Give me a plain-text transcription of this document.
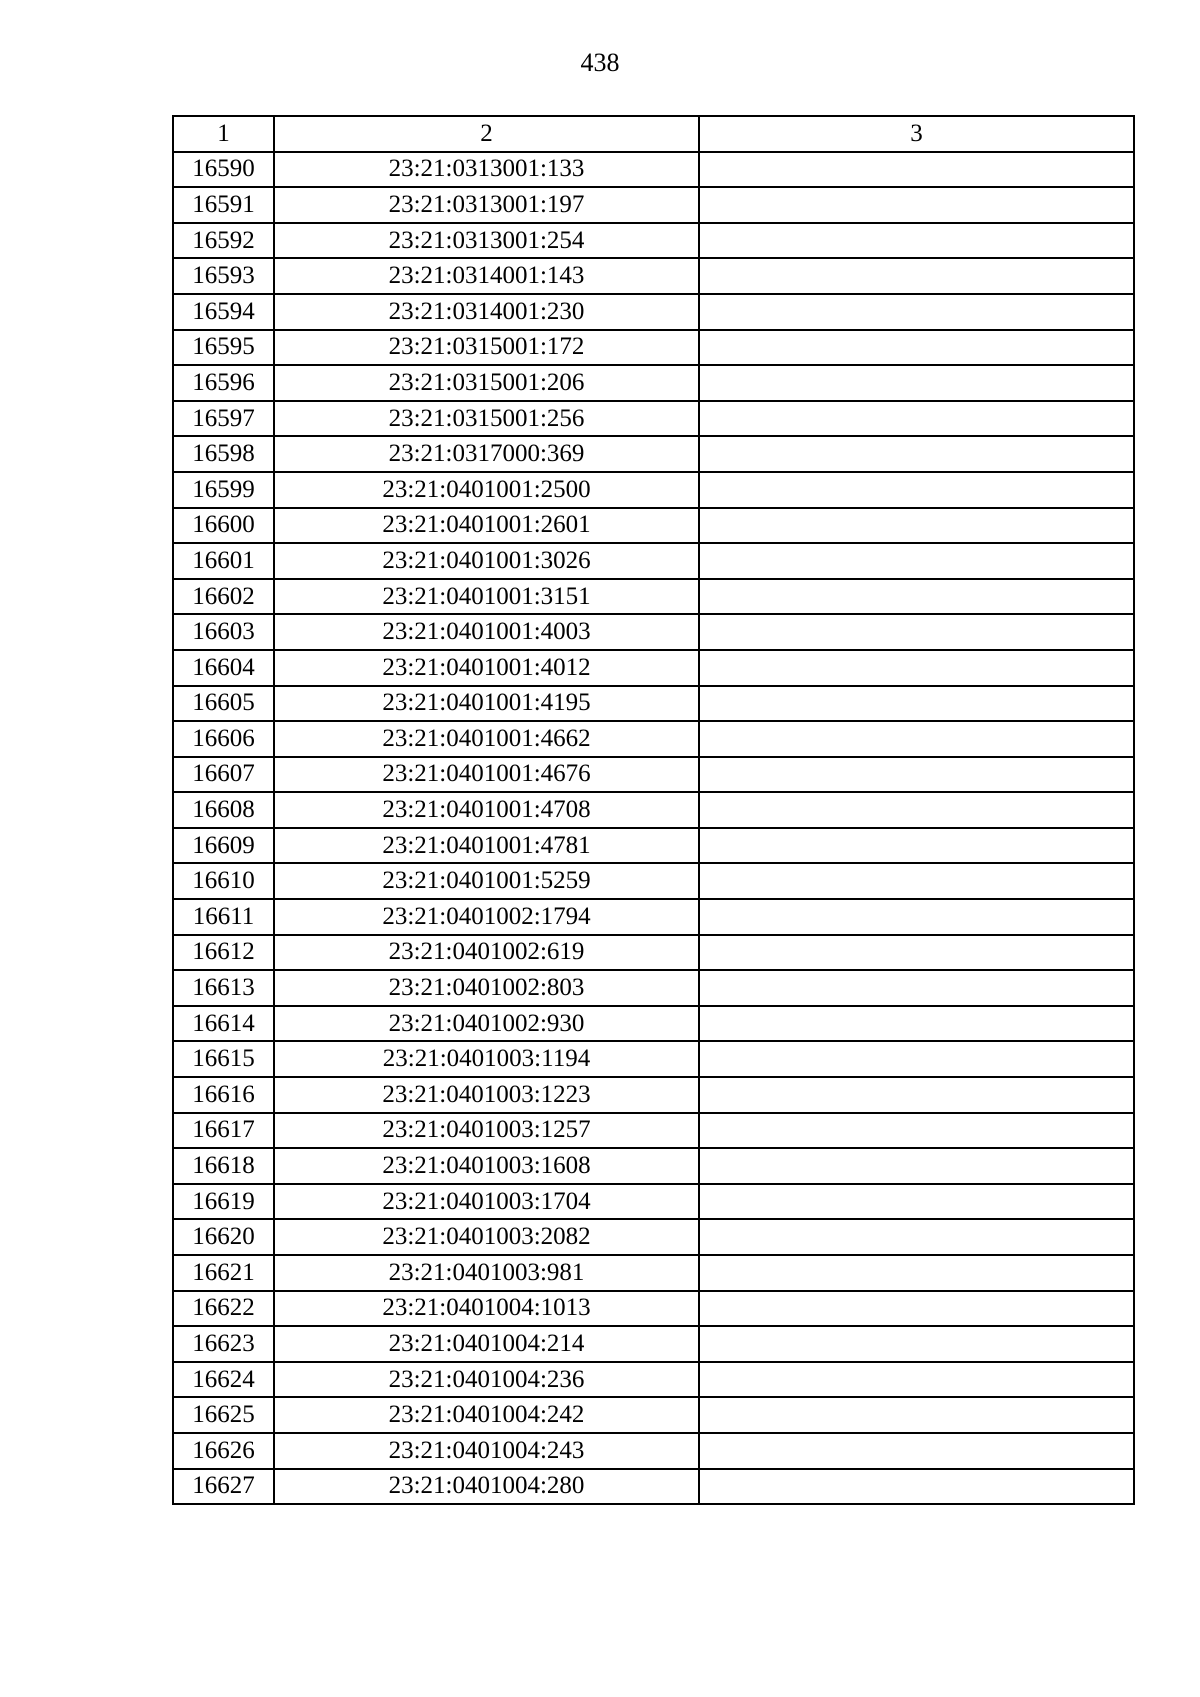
438
1	2	3
16590	23:21:0313001:133	
16591	23:21:0313001:197	
16592	23:21:0313001:254	
16593	23:21:0314001:143	
16594	23:21:0314001:230	
16595	23:21:0315001:172	
16596	23:21:0315001:206	
16597	23:21:0315001:256	
16598	23:21:0317000:369	
16599	23:21:0401001:2500	
16600	23:21:0401001:2601	
16601	23:21:0401001:3026	
16602	23:21:0401001:3151	
16603	23:21:0401001:4003	
16604	23:21:0401001:4012	
16605	23:21:0401001:4195	
16606	23:21:0401001:4662	
16607	23:21:0401001:4676	
16608	23:21:0401001:4708	
16609	23:21:0401001:4781	
16610	23:21:0401001:5259	
16611	23:21:0401002:1794	
16612	23:21:0401002:619	
16613	23:21:0401002:803	
16614	23:21:0401002:930	
16615	23:21:0401003:1194	
16616	23:21:0401003:1223	
16617	23:21:0401003:1257	
16618	23:21:0401003:1608	
16619	23:21:0401003:1704	
16620	23:21:0401003:2082	
16621	23:21:0401003:981	
16622	23:21:0401004:1013	
16623	23:21:0401004:214	
16624	23:21:0401004:236	
16625	23:21:0401004:242	
16626	23:21:0401004:243	
16627	23:21:0401004:280	
